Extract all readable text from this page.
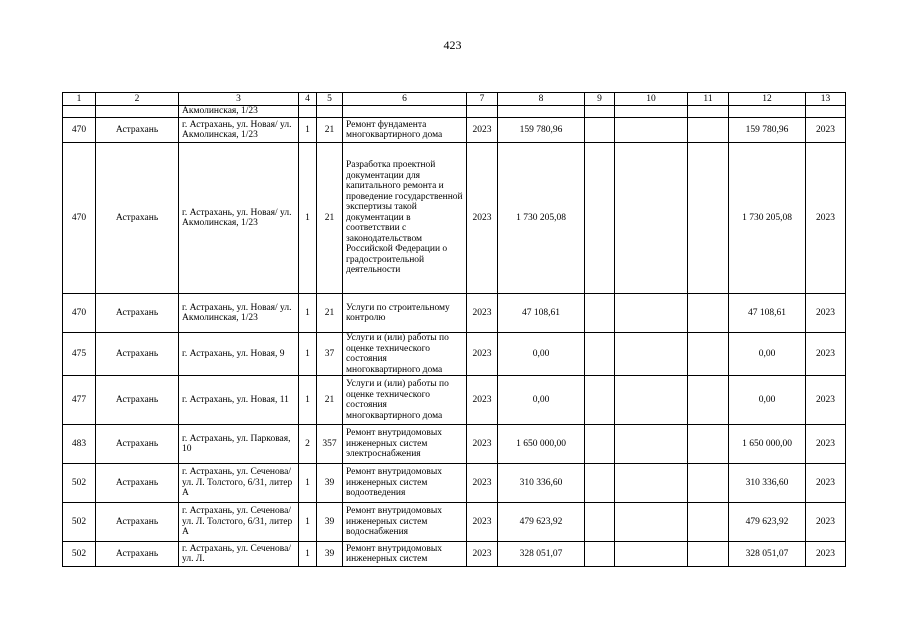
423
1	2	3	4	5	6	7	8	9	10	11	12	13
		Акмолинская, 1/23										
470	Астрахань	г. Астрахань, ул. Новая/ ул. Акмолинская, 1/23	1	21	Ремонт фундамента многоквартирного дома	2023	159 780,96				159 780,96	2023
470	Астрахань	г. Астрахань, ул. Новая/ ул. Акмолинская, 1/23	1	21	Разработка проектной документации для капитального ремонта и проведение государственной экспертизы такой документации в соответствии с законодательством Российской Федерации о градостроительной деятельности	2023	1 730 205,08				1 730 205,08	2023
470	Астрахань	г. Астрахань, ул. Новая/ ул. Акмолинская, 1/23	1	21	Услуги по строительному контролю	2023	47 108,61				47 108,61	2023
475	Астрахань	г. Астрахань, ул. Новая, 9	1	37	Услуги и (или) работы по оценке технического состояния многоквартирного дома	2023	0,00				0,00	2023
477	Астрахань	г. Астрахань, ул. Новая, 11	1	21	Услуги и (или) работы по оценке технического состояния многоквартирного дома	2023	0,00				0,00	2023
483	Астрахань	г. Астрахань, ул. Парковая, 10	2	357	Ремонт внутридомовых инженерных систем электроснабжения	2023	1 650 000,00				1 650 000,00	2023
502	Астрахань	г. Астрахань, ул. Сеченова/ ул. Л. Толстого, 6/31, литер А	1	39	Ремонт внутридомовых инженерных систем водоотведения	2023	310 336,60				310 336,60	2023
502	Астрахань	г. Астрахань, ул. Сеченова/ ул. Л. Толстого, 6/31, литер А	1	39	Ремонт внутридомовых инженерных систем водоснабжения	2023	479 623,92				479 623,92	2023
502	Астрахань	г. Астрахань, ул. Сеченова/ ул. Л.	1	39	Ремонт внутридомовых инженерных систем	2023	328 051,07				328 051,07	2023
